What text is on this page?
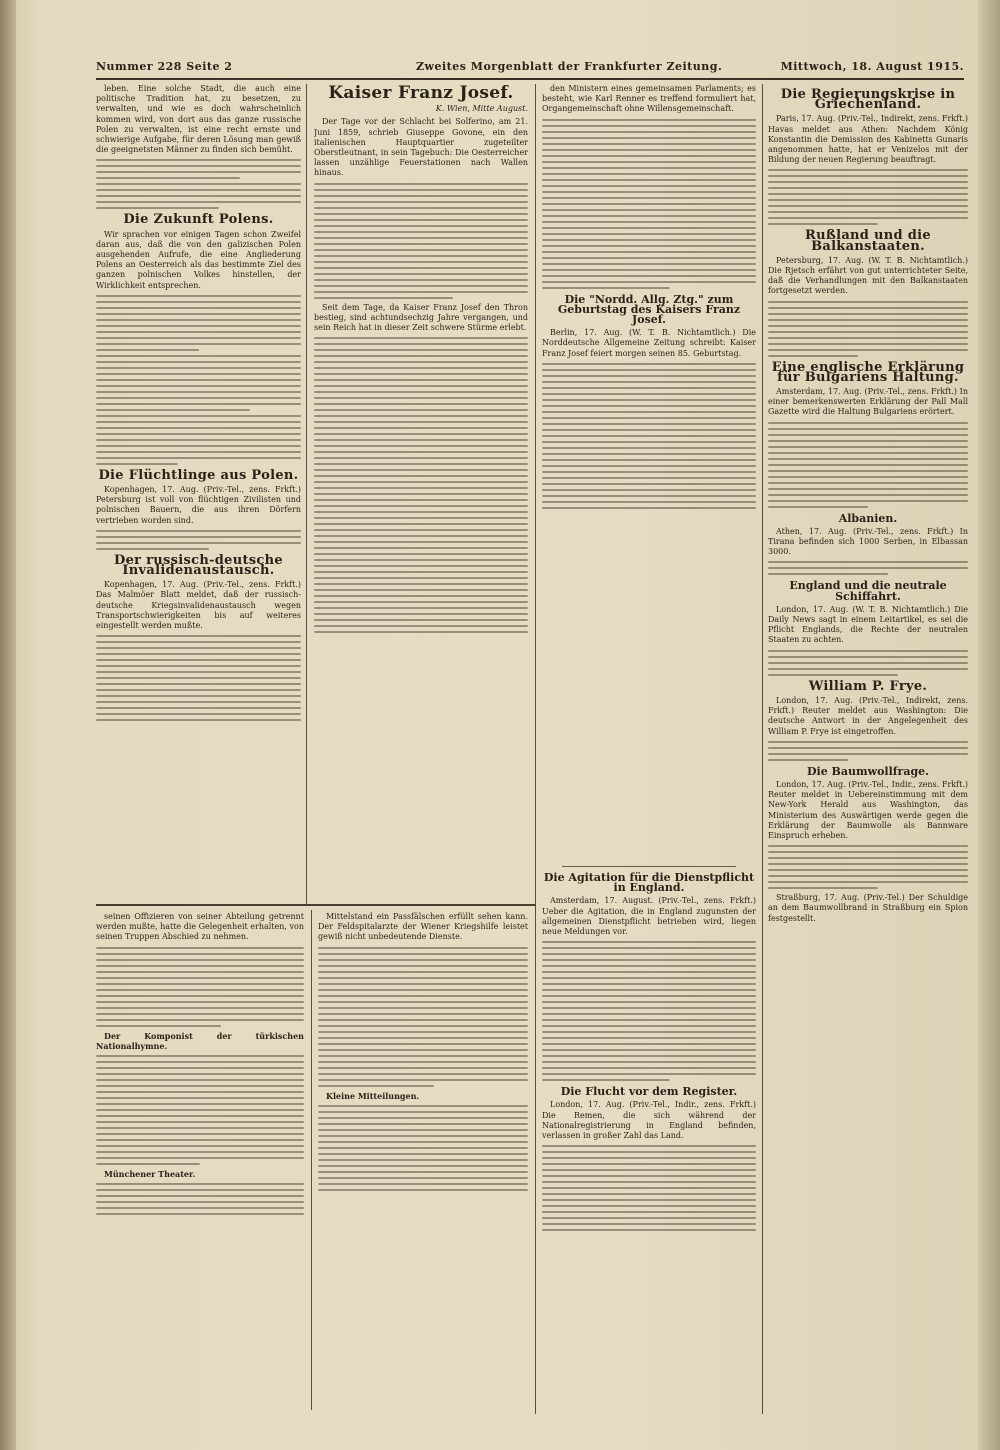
Nummer 228 Seite 2	Zweites Morgenblatt der Frankfurter Zeitung.	Mittwoch, 18. August 1915.

leben. Eine solche Stadt, die auch eine politische Tradition hat, zu besetzen, zu verwalten, und wie es doch wahrscheinlich kommen wird, von dort aus das ganze russische Polen zu verwalten, ist eine recht ernste und schwierige Aufgabe, für deren Lösung man gewiß die geeignetsten Männer zu finden sich bemüht.

Die Zukunft Polens.

Wir sprachen vor einigen Tagen schon Zweifel daran aus, daß die von den galizischen Polen ausgehenden Aufrufe, die eine Angliederung Polens an Oesterreich als das bestimmte Ziel des ganzen polnischen Volkes hinstellen, der Wirklichkeit entsprechen.

Die Flüchtlinge aus Polen.

Kopenhagen, 17. Aug. (Priv.-Tel., zens. Frkft.) Petersburg ist voll von flüchtigen Zivilisten und polnischen Bauern, die aus ihren Dörfern vertrieben worden sind.

Der russisch-deutsche Invalidenaustausch.

Kopenhagen, 17. Aug. (Priv.-Tel., zens. Frkft.) Das Malmöer Blatt meldet, daß der russisch-deutsche Kriegsinvalidenaustausch wegen Transportschwierigkeiten bis auf weiteres eingestellt werden mußte.

Kaiser Franz Josef.
K. Wien, Mitte August.

Der Tage vor der Schlacht bei Solferino, am 21. Juni 1859, schrieb Giuseppe Govone, ein den italienischen Hauptquartier zugeteilter Oberstleutnant, in sein Tagebuch: Die Oesterreicher lassen unzählige Feuerstationen nach Wallen hinaus.

Seit dem Tage, da Kaiser Franz Josef den Thron bestieg, sind achtundsechzig Jahre vergangen, und sein Reich hat in dieser Zeit schwere Stürme erlebt.

den Ministern eines gemeinsamen Parlaments; es besteht, wie Karl Renner es treffend formuliert hat, Organgemeinschaft ohne Willensgemeinschaft.

Die "Nordd. Allg. Ztg." zum Geburtstag des Kaisers Franz Josef.

Berlin, 17. Aug. (W. T. B. Nichtamtlich.) Die Norddeutsche Allgemeine Zeitung schreibt: Kaiser Franz Josef feiert morgen seinen 85. Geburtstag.

Die Agitation für die Dienstpflicht in England.

Amsterdam, 17. August. (Priv.-Tel., zens. Frkft.) Ueber die Agitation, die in England zugunsten der allgemeinen Dienstpflicht betrieben wird, liegen neue Meldungen vor.

Die Flucht vor dem Register.

London, 17. Aug. (Priv.-Tel., Indir., zens. Frkft.) Die Remen, die sich während der Nationalregistrierung in England befinden, verlassen in großer Zahl das Land.

Die Regierungskrise in Griechenland.

Paris, 17. Aug. (Priv.-Tel., Indirekt, zens. Frkft.) Havas meldet aus Athen: Nachdem König Konstantin die Demission des Kabinetts Gunaris angenommen hatte, hat er Venizelos mit der Bildung der neuen Regierung beauftragt.

Rußland und die Balkanstaaten.

Petersburg, 17. Aug. (W. T. B. Nichtamtlich.) Die Rjetsch erfährt von gut unterrichteter Seite, daß die Verhandlungen mit den Balkanstaaten fortgesetzt werden.

Eine englische Erklärung für Bulgariens Haltung.

Amsterdam, 17. Aug. (Priv.-Tel., zens. Frkft.) In einer bemerkenswerten Erklärung der Pall Mall Gazette wird die Haltung Bulgariens erörtert.

Albanien.

Athen, 17. Aug. (Priv.-Tel., zens. Frkft.) In Tirana befinden sich 1000 Serben, in Elbassan 3000.

England und die neutrale Schiffahrt.

London, 17. Aug. (W. T. B. Nichtamtlich.) Die Daily News sagt in einem Leitartikel, es sei die Pflicht Englands, die Rechte der neutralen Staaten zu achten.

William P. Frye.

London, 17. Aug. (Priv.-Tel., Indirekt, zens. Frkft.) Reuter meldet aus Washington: Die deutsche Antwort in der Angelegenheit des William P. Frye ist eingetroffen.

Die Baumwollfrage.

London, 17. Aug. (Priv.-Tel., Indir., zens. Frkft.) Reuter meldet in Uebereinstimmung mit dem New-York Herald aus Washington, das Ministerium des Auswärtigen werde gegen die Erklärung der Baumwolle als Bannware Einspruch erheben.

Straßburg, 17. Aug. (Priv.-Tel.) Der Schuldige an dem Baumwollbrand in Straßburg ein Spion festgestellt.

seinen Offizieren von seiner Abteilung getrennt werden mußte, hatte die Gelegenheit erhalten, von seinen Truppen Abschied zu nehmen.

Der Komponist der türkischen Nationalhymne.

Münchener Theater.

Mittelstand ein Passfälschen erfüllt sehen kann. Der Feldspitalarzte der Wiener Kriegshilfe leistet gewiß nicht unbedeutende Dienste.

Kleine Mitteilungen.
